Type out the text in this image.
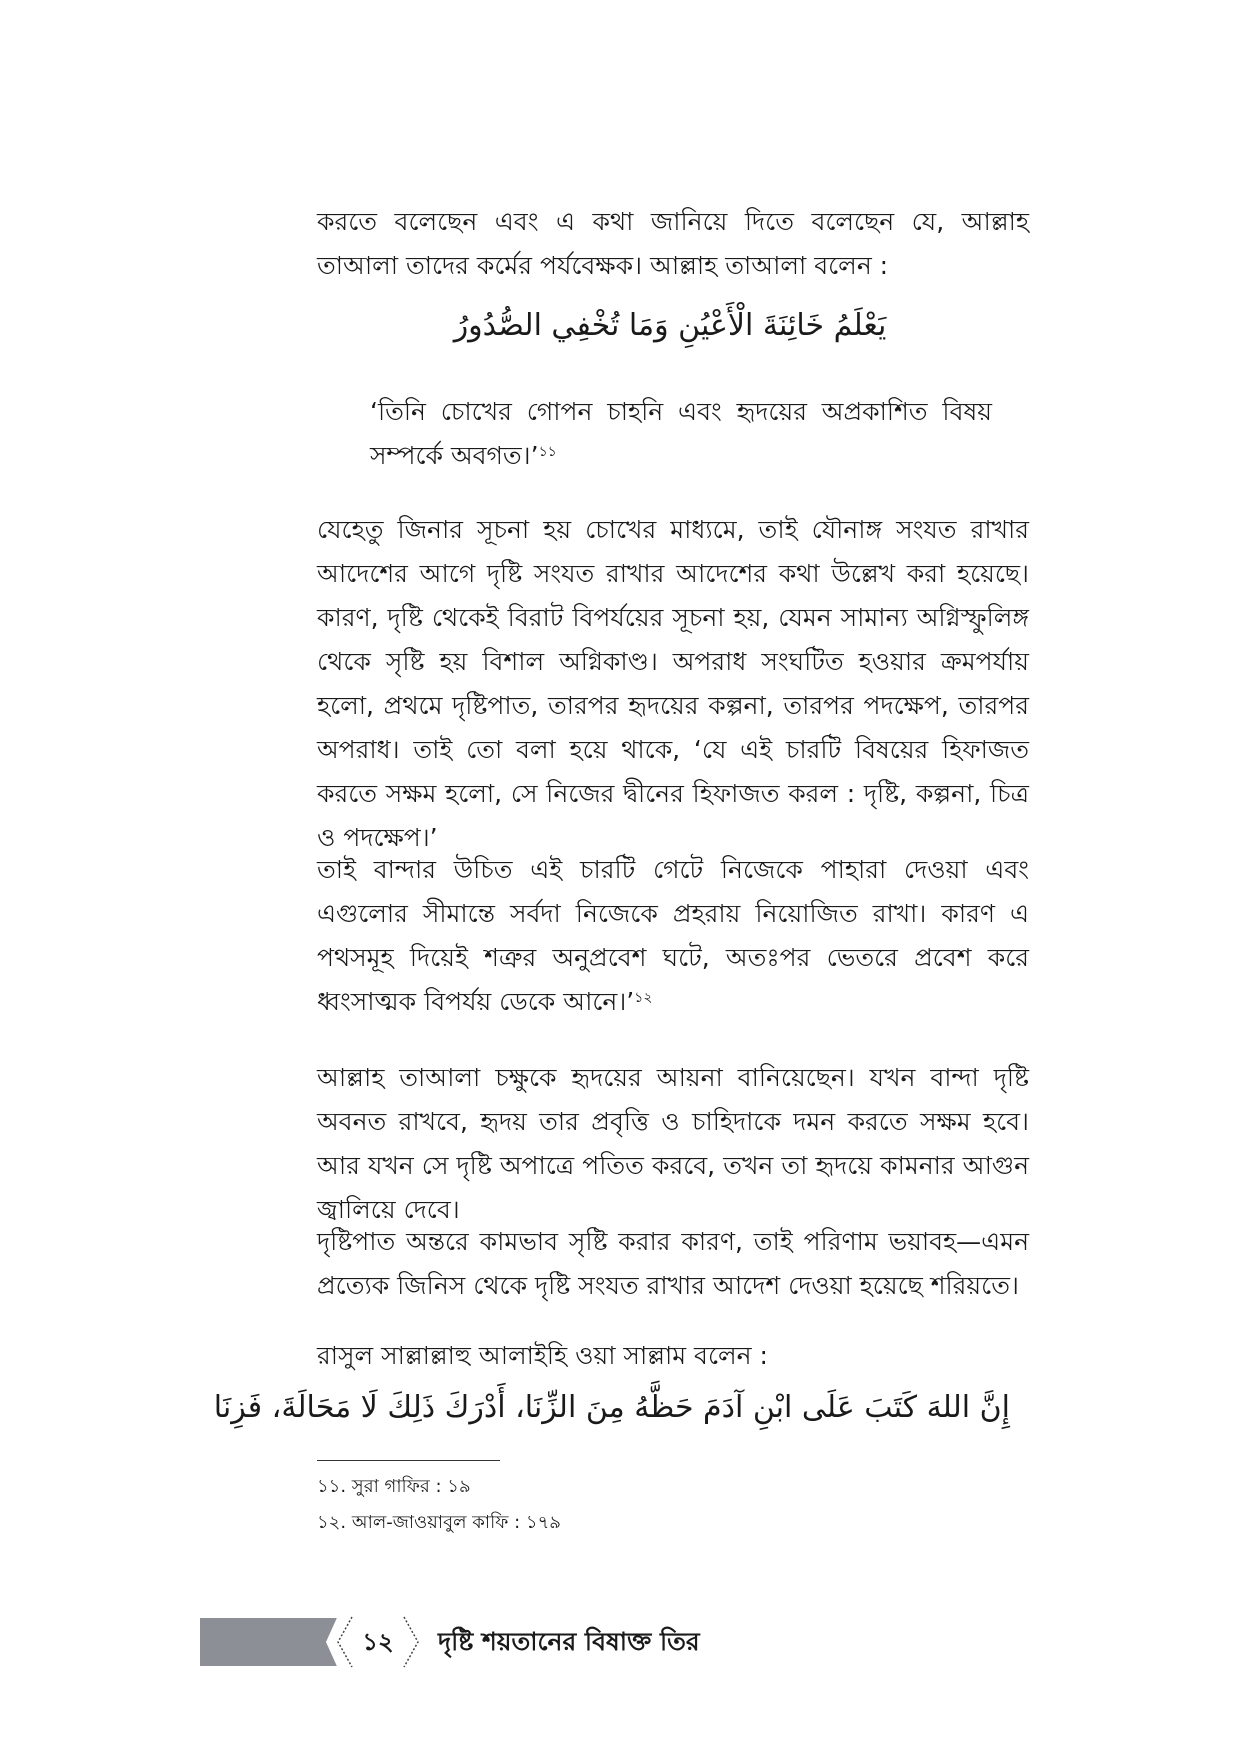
করতে বলেছেন এবং এ কথা জানিয়ে দিতে বলেছেন যে, আল্লাহ তাআলা তাদের কর্মের পর্যবেক্ষক। আল্লাহ তাআলা বলেন :

يَعْلَمُ خَائِنَةَ الْأَعْيُنِ وَمَا تُخْفِي الصُّدُورُ

‘তিনি চোখের গোপন চাহনি এবং হৃদয়ের অপ্রকাশিত বিষয় সম্পর্কে অবগত।’$^{১১}$

যেহেতু জিনার সূচনা হয় চোখের মাধ্যমে, তাই যৌনাঙ্গ সংযত রাখার আদেশের আগে দৃষ্টি সংযত রাখার আদেশের কথা উল্লেখ করা হয়েছে। কারণ, দৃষ্টি থেকেই বিরাট বিপর্যয়ের সূচনা হয়, যেমন সামান্য অগ্নিস্ফুলিঙ্গ থেকে সৃষ্টি হয় বিশাল অগ্নিকাণ্ড। অপরাধ সংঘটিত হওয়ার ক্রমপর্যায় হলো, প্রথমে দৃষ্টিপাত, তারপর হৃদয়ের কল্পনা, তারপর পদক্ষেপ, তারপর অপরাধ। তাই তো বলা হয়ে থাকে, ‘যে এই চারটি বিষয়ের হিফাজত করতে সক্ষম হলো, সে নিজের দ্বীনের হিফাজত করল : দৃষ্টি, কল্পনা, চিত্র ও পদক্ষেপ।’

তাই বান্দার উচিত এই চারটি গেটে নিজেকে পাহারা দেওয়া এবং এগুলোর সীমান্তে সর্বদা নিজেকে প্রহরায় নিয়োজিত রাখা। কারণ এ পথসমূহ দিয়েই শত্রুর অনুপ্রবেশ ঘটে, অতঃপর ভেতরে প্রবেশ করে ধ্বংসাত্মক বিপর্যয় ডেকে আনে।’$^{১২}$

আল্লাহ তাআলা চক্ষুকে হৃদয়ের আয়না বানিয়েছেন। যখন বান্দা দৃষ্টি অবনত রাখবে, হৃদয় তার প্রবৃত্তি ও চাহিদাকে দমন করতে সক্ষম হবে। আর যখন সে দৃষ্টি অপাত্রে পতিত করবে, তখন তা হৃদয়ে কামনার আগুন জ্বালিয়ে দেবে।

দৃষ্টিপাত অন্তরে কামভাব সৃষ্টি করার কারণ, তাই পরিণাম ভয়াবহ—এমন প্রত্যেক জিনিস থেকে দৃষ্টি সংযত রাখার আদেশ দেওয়া হয়েছে শরিয়তে।

রাসুল সাল্লাল্লাহু আলাইহি ওয়া সাল্লাম বলেন :

إِنَّ اللهَ كَتَبَ عَلَى ابْنِ آدَمَ حَظَّهُ مِنَ الزِّنَا، أَدْرَكَ ذَلِكَ لَا مَحَالَةَ، فَزِنَا
১১. সুরা গাফির : ১৯
১২. আল-জাওয়াবুল কাফি : ১৭৯
১২	দৃষ্টি শয়তানের বিষাক্ত তির
